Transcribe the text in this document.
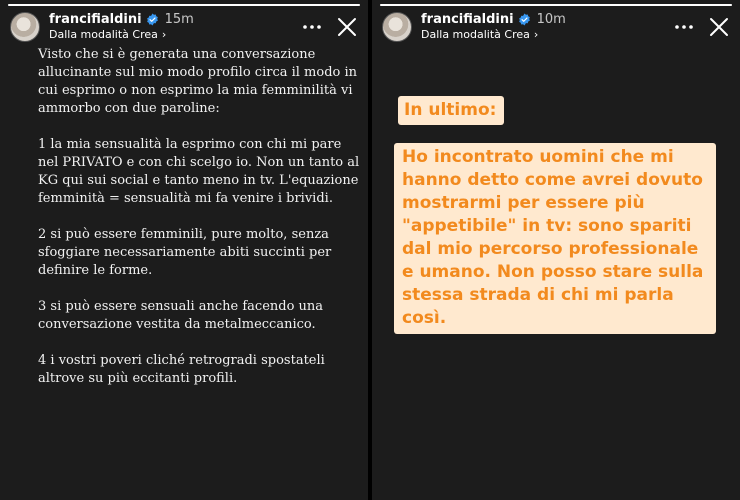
francifialdini 15m
Dalla modalità Crea ›

Visto che si è generata una conversazione allucinante sul mio modo profilo circa il modo in cui esprimo o non esprimo la mia femminilità vi ammorbo con due paroline:

1 la mia sensualità la esprimo con chi mi pare nel PRIVATO e con chi scelgo io. Non un tanto al KG qui sui social e tanto meno in tv. L'equazione femminità = sensualità mi fa venire i brividi.

2 si può essere femminili, pure molto, senza sfoggiare necessariamente abiti succinti per definire le forme.

3 si può essere sensuali anche facendo una conversazione vestita da metalmeccanico.

4 i vostri poveri cliché retrogradi spostateli altrove su più eccitanti profili.

francifialdini 10m
Dalla modalità Crea ›
In ultimo:
Ho incontrato uomini che mi hanno detto come avrei dovuto mostrarmi per essere più "appetibile" in tv: sono spariti dal mio percorso professionale e umano. Non posso stare sulla stessa strada di chi mi parla così.
